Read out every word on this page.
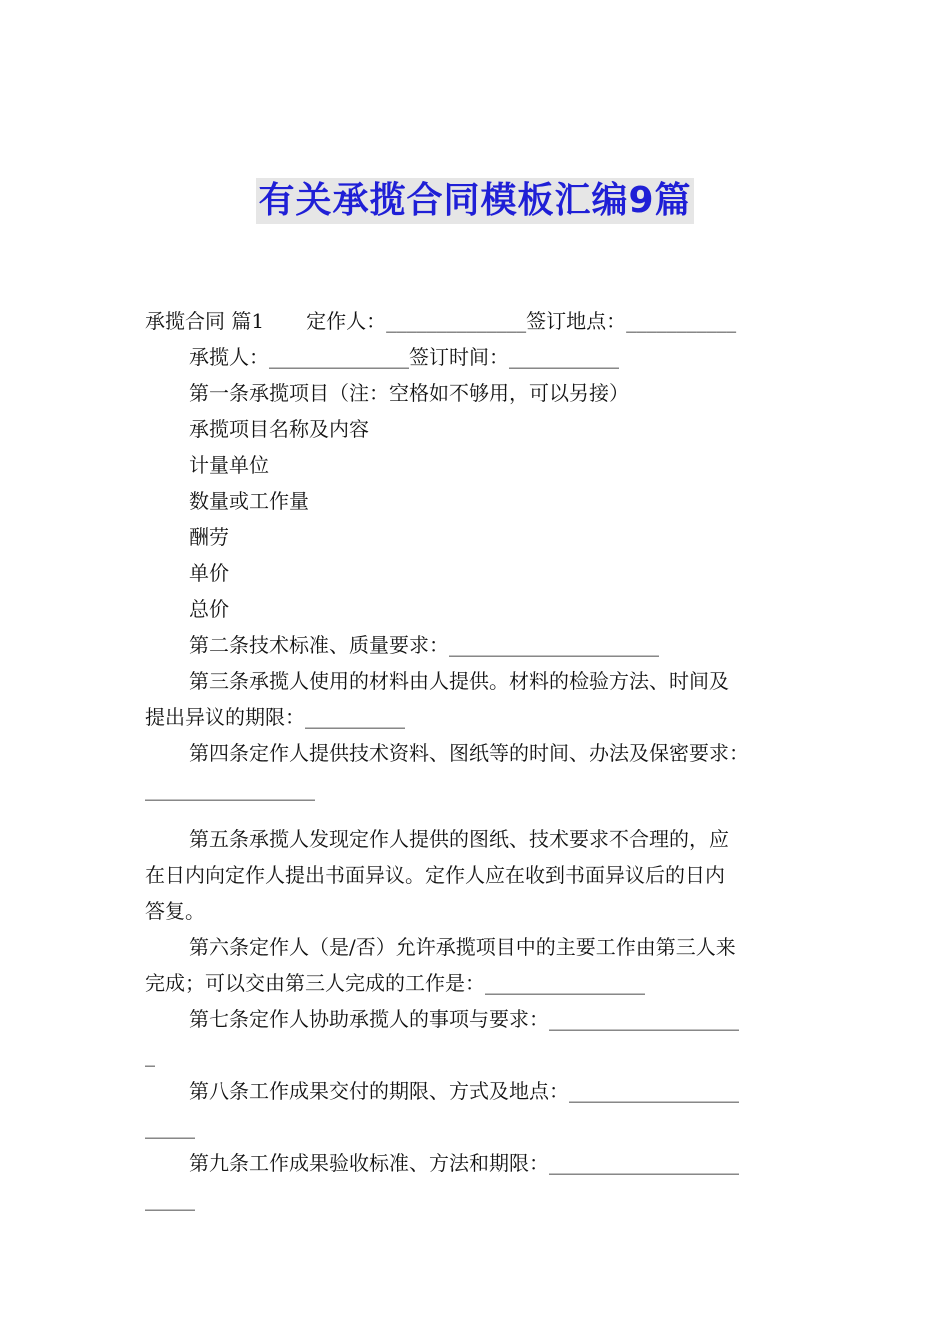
有关承揽合同模板汇编9篇
承揽合同 篇1 定作人：______________签订地点：___________
承揽人：______________签订时间：___________
第一条承揽项目（注：空格如不够用，可以另接）
承揽项目名称及内容
计量单位
数量或工作量
酬劳
单价
总价
第二条技术标准、质量要求：_____________________
第三条承揽人使用的材料由人提供。材料的检验方法、时间及
提出异议的期限：__________
第四条定作人提供技术资料、图纸等的时间、办法及保密要求：
_________________
第五条承揽人发现定作人提供的图纸、技术要求不合理的，应
在日内向定作人提出书面异议。定作人应在收到书面异议后的日内
答复。
第六条定作人（是/否）允许承揽项目中的主要工作由第三人来
完成；可以交由第三人完成的工作是：________________
第七条定作人协助承揽人的事项与要求：___________________
_
第八条工作成果交付的期限、方式及地点：_________________
_____
第九条工作成果验收标准、方法和期限：___________________
_____
